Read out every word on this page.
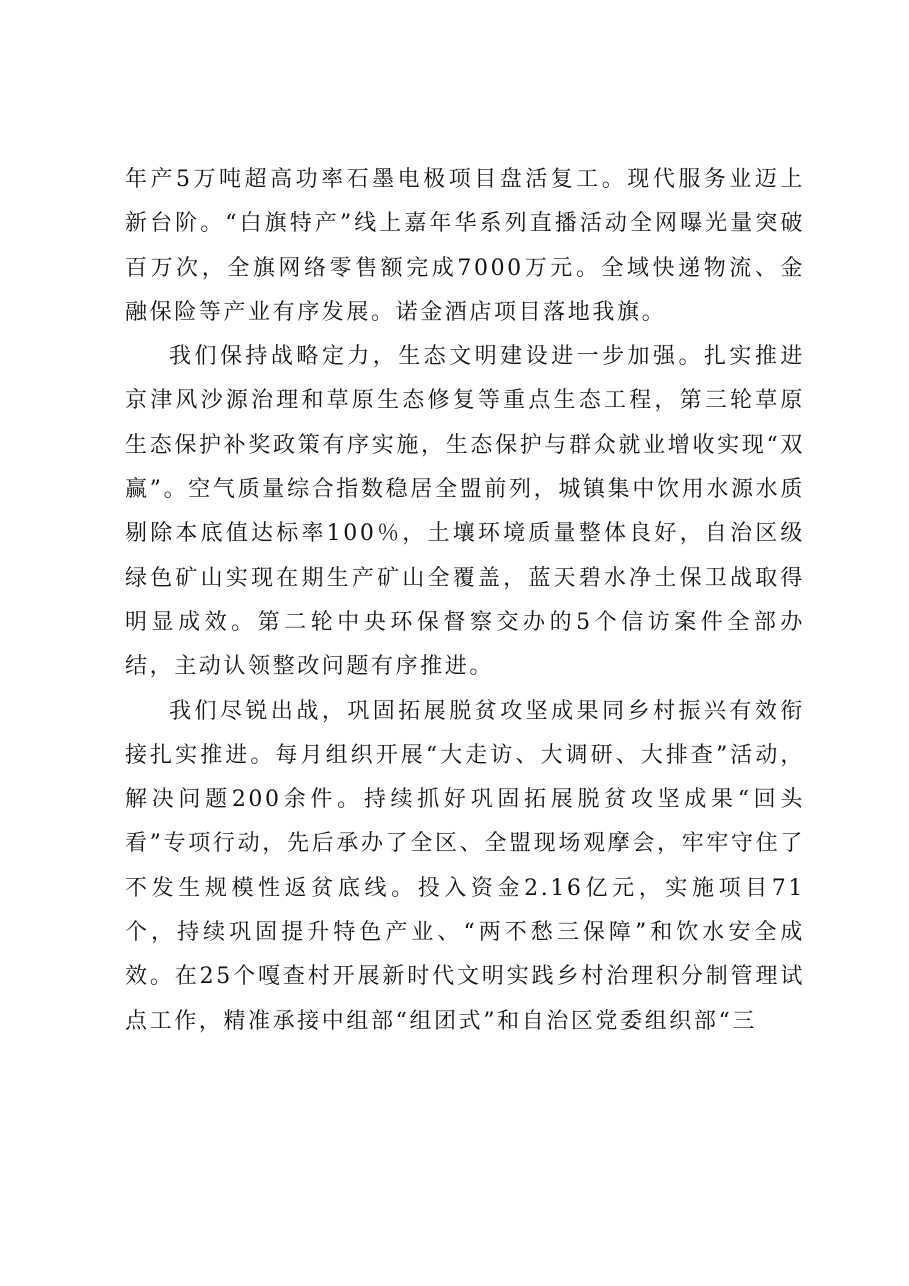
年产5万吨超高功率石墨电极项目盘活复工。现代服务业迈上新台阶。“白旗特产”线上嘉年华系列直播活动全网曝光量突破百万次，全旗网络零售额完成7000万元。全域快递物流、金融保险等产业有序发展。诺金酒店项目落地我旗。

我们保持战略定力，生态文明建设进一步加强。扎实推进京津风沙源治理和草原生态修复等重点生态工程，第三轮草原生态保护补奖政策有序实施，生态保护与群众就业增收实现“双赢”。空气质量综合指数稳居全盟前列，城镇集中饮用水源水质剔除本底值达标率100％，土壤环境质量整体良好，自治区级绿色矿山实现在期生产矿山全覆盖，蓝天碧水净土保卫战取得明显成效。第二轮中央环保督察交办的5个信访案件全部办结，主动认领整改问题有序推进。

我们尽锐出战，巩固拓展脱贫攻坚成果同乡村振兴有效衔接扎实推进。每月组织开展“大走访、大调研、大排查”活动，解决问题200余件。持续抓好巩固拓展脱贫攻坚成果“回头看”专项行动，先后承办了全区、全盟现场观摩会，牢牢守住了不发生规模性返贫底线。投入资金2.16亿元，实施项目71个，持续巩固提升特色产业、“两不愁三保障”和饮水安全成效。在25个嘎查村开展新时代文明实践乡村治理积分制管理试点工作，精准承接中组部“组团式”和自治区党委组织部“三
